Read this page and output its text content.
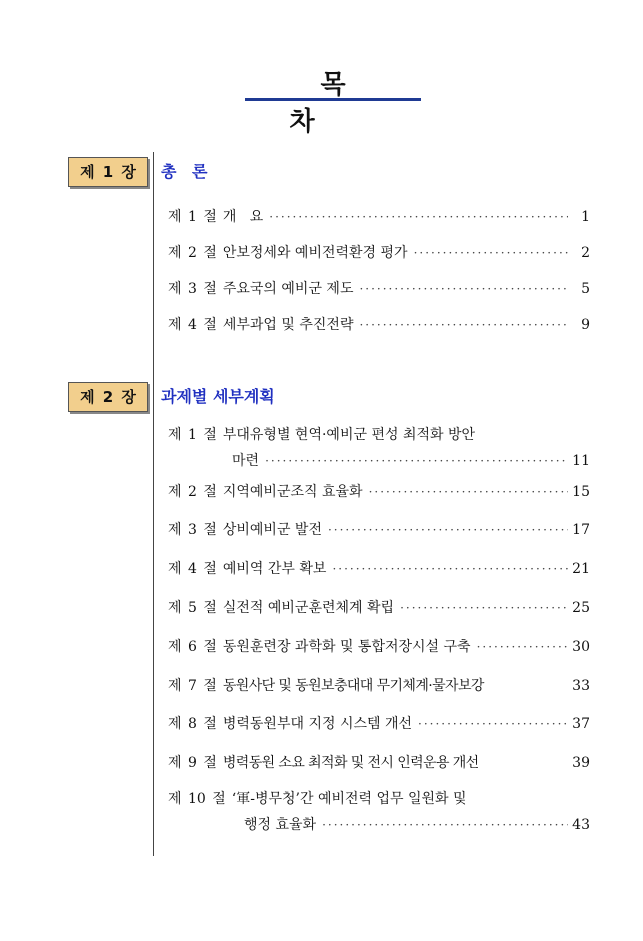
목차
제 1 장	총 론
제 1 절 개   요 ·····	1
제 2 절 안보정세와 예비전력환경 평가 ·····	2
제 3 절 주요국의 예비군 제도 ·····	5
제 4 절 세부과업 및 추진전략 ·····	9
제 2 장	과제별 세부계획
제 1 절 부대유형별 현역·예비군 편성 최적화 방안
마련 ·····	11
제 2 절 지역예비군조직 효율화 ·····	15
제 3 절 상비예비군 발전 ·····	17
제 4 절 예비역 간부 확보 ·····	21
제 5 절 실전적 예비군훈련체계 확립 ·····	25
제 6 절 동원훈련장 과학화 및 통합저장시설 구축 ·····	30
제 7 절 동원사단 및 동원보충대대 무기체계·물자보강	33
제 8 절 병력동원부대 지정 시스템 개선 ·····	37
제 9 절 병력동원 소요 최적화 및 전시 인력운용 개선	39
제 10 절 ‘軍-병무청’간 예비전력 업무 일원화 및
행정 효율화 ·····	43
